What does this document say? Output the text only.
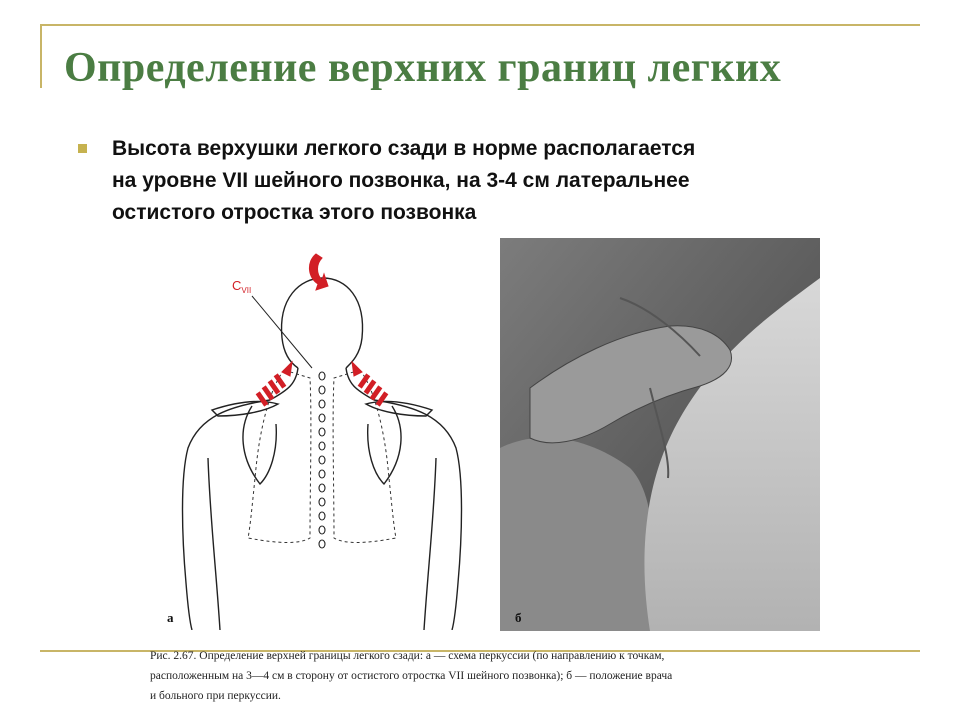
Определение верхних границ легких
Высота верхушки легкого сзади в норме располагается
на уровне VII шейного позвонка, на 3-4 см латеральнее
остистого отростка этого позвонка
$C_{VII}$
а	б
Рис. 2.67. Определение верхней границы легкого сзади: а — схема перкуссии (по направлению к точкам,
расположенным на 3—4 см в сторону от остистого отростка VII шейного позвонка); б — положение врача
и больного при перкуссии.
